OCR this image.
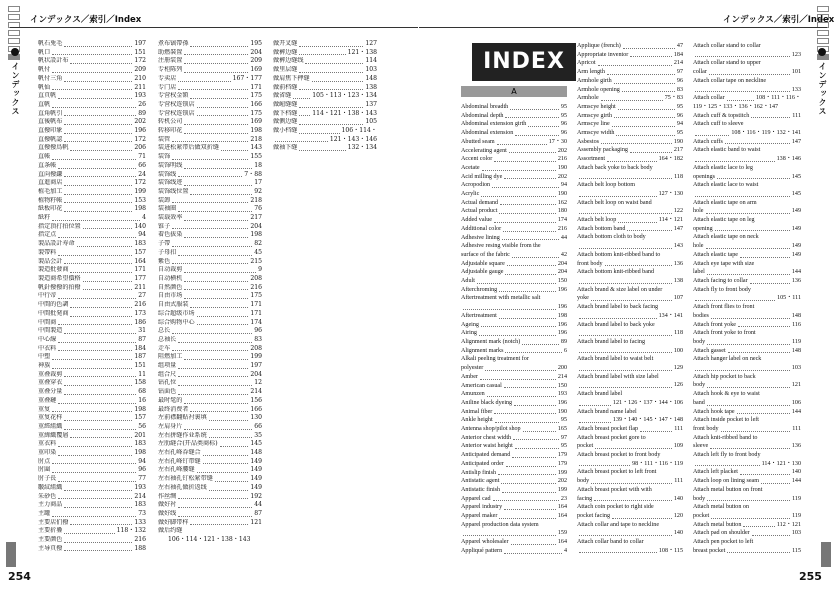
インデックス／索引／Index
インデックス
帆石兎毛	197
帆口	151
帆状設計布	172
帆付	209
帆付三角	210
帆仙	211
直頁帆	193
直帆	26
直角帆引	89
直後帆布	202
直撥印象	196
直撥帆認	172
直撥撥鳥帆	206
直帳	71
直条帳	66
直向撥鎌	24
直進商店	172
植毛加工	199
植物籽帳	153
紙板印花	198
紙籽	4
指定頂打拍位置	140
指定点	94
製品設計寿命	183
製帶料	157
製品会計	164
製造批發商	171
製造商希望價格	177
帆針撥撥的拍撥	211
中行帝	27
中間的色調	216
中間批発商	173
中間商	186
中間製造	31
中心線	87
中衣料	184
中塑	187
神族	151
重叠裁剪	11
重叠穿衣	158
重叠分量	68
重叠鏈	16
重复	198
重复花样	157
重經組織	56
重緯織覆層	201
重衣料	183
重印染	198
肘点	94
肘圍	96
肘子長	77
皺紋組織	193
朱砂色	214
主力商品	183
主罐	73
主要店们撥	133
主要折疊	118・132
主要颜色	216
主导頁撥	188
煮布镐帶孫	195
助燃裝置	204
注册装置	209
专柜陈列	169
专卖店	167・177
专门店	171
专营权金額	175
专营权连锁店	166
专营权连锁店	175
转机公司	169
转移印花	198
装管	218
装进松紧带后做双折缝	143
装饰	155
装饰明线	18
装饰线	7・88
装饰线迹	17
装饰线位置	92
装卸	218
装袖圈	76
装载效率	217
锥子	204
着色拔染	198
子帶	82
子母扣	45
紫色	215
自动裁剪	9
自动横机	208
自然颜色	216
自由市场	175
自由式服装	171
综合超级市场	171
综合购物中心	174
总长	96
总袖长	83
走车	208
阻燃加工	199
组项量	197
组合尺	204
钻孔位	12
钻面色	214
最时髦的	156
最终消费者	166
左前襟翻贴衬裏填	130
左肩身片	66
左右拼缝作业系统	35
左肋縫合(开品类商标)	145
左右孔峰吞缝合	148
左右孔峰钉带缝	149
左右孔峰腰缝	149
左右袖孔钉松紧带缝	149
左右袖孔做折返线	149
作丝绸	192
做好衬	44
做好线	87
做好脚带样	121
做后约缝
106・114・121・138・143
做开叉缝	127
做裤边缝	121・138
做裤边缝线	114
做里层缝	103
做肩焦下押缝	148
做前档缝	138
做省缝	105・113・123・134
做衄缝缝	137
做下档缝 114・121・138・143
做侧边缝	105
做小档缝	106・114・
121・143・146
做袖下缝	132・134
254
インデックス／索引／Index
インデックス
255
INDEX
A
Abdominal breadth	95
Abdominal depth	95
Abdominal extension girth	96
Abdominal extension	96
Abutted seam	17・30
Accelerating agent	202
Accent color	216
Acetate	190
Acid milling dye	202
Acropodion	94
Acrylic	190
Actual demand	162
Actual product	180
Added value	174
Additional color	216
Adhesive lining	44
Adhesive resing visible from the
surface of the fabric	42
Adjustable square	204
Adjustable gauge	204
Adult	150
Afterchroming	196
Aftertreatment with metallic salt
196
Aftertreatment	198
Ageing	196
Airing	196
Alignment mark (notch)	89
Alignment marks	6
Alkali peeling treatment for
polyester	200
Amber	214
American casual	150
Amunzen	193
Aniline black dyeing	196
Animal fiber	190
Ankle height	95
Antenna shop/pilot shop	165
Anterior chest width	97
Anterior waist height	95
Anticipated demand	179
Anticipated order	179
Antislip finish	199
Antistatic agent	202
Antistatic finish	199
Apparel cad	23
Apparel industry	164
Apparel maker	164
Apparel production data system
159
Apparel wholesaler	164
Appliqué pattern	4
Applique (french)	47
Appropriate inventor	184
Apricot	214
Arm length	97
Armhole girth	96
Armhole opening	83
Armhole	75・83
Armscye height	95
Armscye girth	96
Armscye line	94
Armscye width	95
Asbestos	190
Assembly packaging	217
Assortment	164・182
Attach back yoke to back body
118
Attach belt loop bottom
127・130
Attach belt loop on waist band
122
Attach belt loop	114・121
Attach bottom band	147
Attach bottom cloth to body
143
Attach bottom knit-ribbed band to
front body	136
Attach bottom knit-ribbed band
138
Attach brand & size label on under
yoke	107
Attach brand label to back facing
134・141
Attach brand label to back yoke
118
Attach brand label to facing
100
Attach brand label to waist belt
129
Attach brand label with size label
126
Attach brand label
121・126・137・144・106
Attach brand name label
139・140・145・147・148
Attach breast pocket flap	111
Attach breast pocket gore to
pocket	109
Attach breast pocket to front body
98・111・116・119
Attach breast pocket to left front
body	111
Attach breast pocket with with
facing	140
Attach coin pocket to right side
pocket facing	120
Attach collar and tape to neckline
140
Attach collar band to collar
108・115
Attach collar stand to collar
123
Attach collar stand to upper
collar	101
Attach collar tape on neckline
133
Attach collar	108・111・116・
119・125・133・136・162・147
Attach cuff & topstitch	111
Attach cuff to sleeve
108・116・119・132・141
Attach cuffs	147
Attach elastic band to waist
138・146
Attach elastic lace to leg
openings	145
Attach elastic lace to waist
145
Attach elastic tape on arm
hole	149
Attach elastic tape on leg
opening	149
Attach elastic tape on neck
hole	149
Attach elastic tape	149
Attach eye tape with size
label	144
Attach facing to collar	136
Attach fly to front body
105・111
Attach front flies to front
bodies	148
Attach front yoke	116
Attach front yoke to front
body	119
Attach gasset	148
Attach hanger label on neck
103
Attach hip pocket to back
body	121
Attach hook & eye to waist
band	106
Attach hook tape	144
Attach inside pocket to left
front body	111
Attach knit-ribbed band to
sleeve	136
Attach left fly to front body
114・121・130
Attach left placket	140
Attach loop on lining seam	144
Attach metal button on front
body	119
Attach metal button on
pocket	119
Attach metal button	112・121
Attach pad on shoulder	103
Attach pen pocket to left
breast pocket	115
